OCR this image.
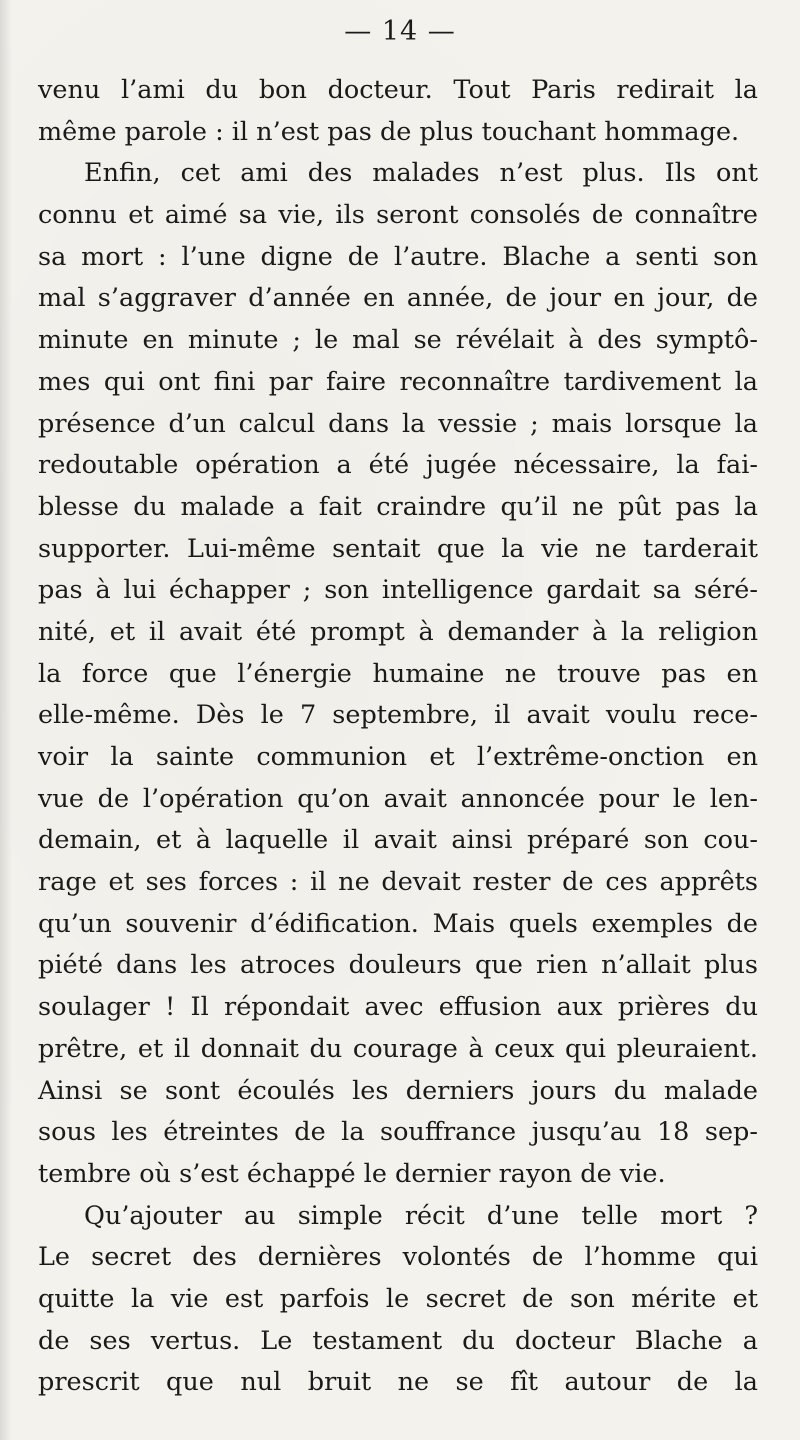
— 14 —
venu l’ami du bon docteur. Tout Paris redirait la
même parole : il n’est pas de plus touchant hommage.
Enfin, cet ami des malades n’est plus. Ils ont
connu et aimé sa vie, ils seront consolés de connaître
sa mort : l’une digne de l’autre. Blache a senti son
mal s’aggraver d’année en année, de jour en jour, de
minute en minute ; le mal se révélait à des symptô-
mes qui ont fini par faire reconnaître tardivement la
présence d’un calcul dans la vessie ; mais lorsque la
redoutable opération a été jugée nécessaire, la fai-
blesse du malade a fait craindre qu’il ne pût pas la
supporter. Lui-même sentait que la vie ne tarderait
pas à lui échapper ; son intelligence gardait sa séré-
nité, et il avait été prompt à demander à la religion
la force que l’énergie humaine ne trouve pas en
elle-même. Dès le 7 septembre, il avait voulu rece-
voir la sainte communion et l’extrême-onction en
vue de l’opération qu’on avait annoncée pour le len-
demain, et à laquelle il avait ainsi préparé son cou-
rage et ses forces : il ne devait rester de ces apprêts
qu’un souvenir d’édification. Mais quels exemples de
piété dans les atroces douleurs que rien n’allait plus
soulager ! Il répondait avec effusion aux prières du
prêtre, et il donnait du courage à ceux qui pleuraient.
Ainsi se sont écoulés les derniers jours du malade
sous les étreintes de la souffrance jusqu’au 18 sep-
tembre où s’est échappé le dernier rayon de vie.
Qu’ajouter au simple récit d’une telle mort ?
Le secret des dernières volontés de l’homme qui
quitte la vie est parfois le secret de son mérite et
de ses vertus. Le testament du docteur Blache a
prescrit que nul bruit ne se fît autour de la
